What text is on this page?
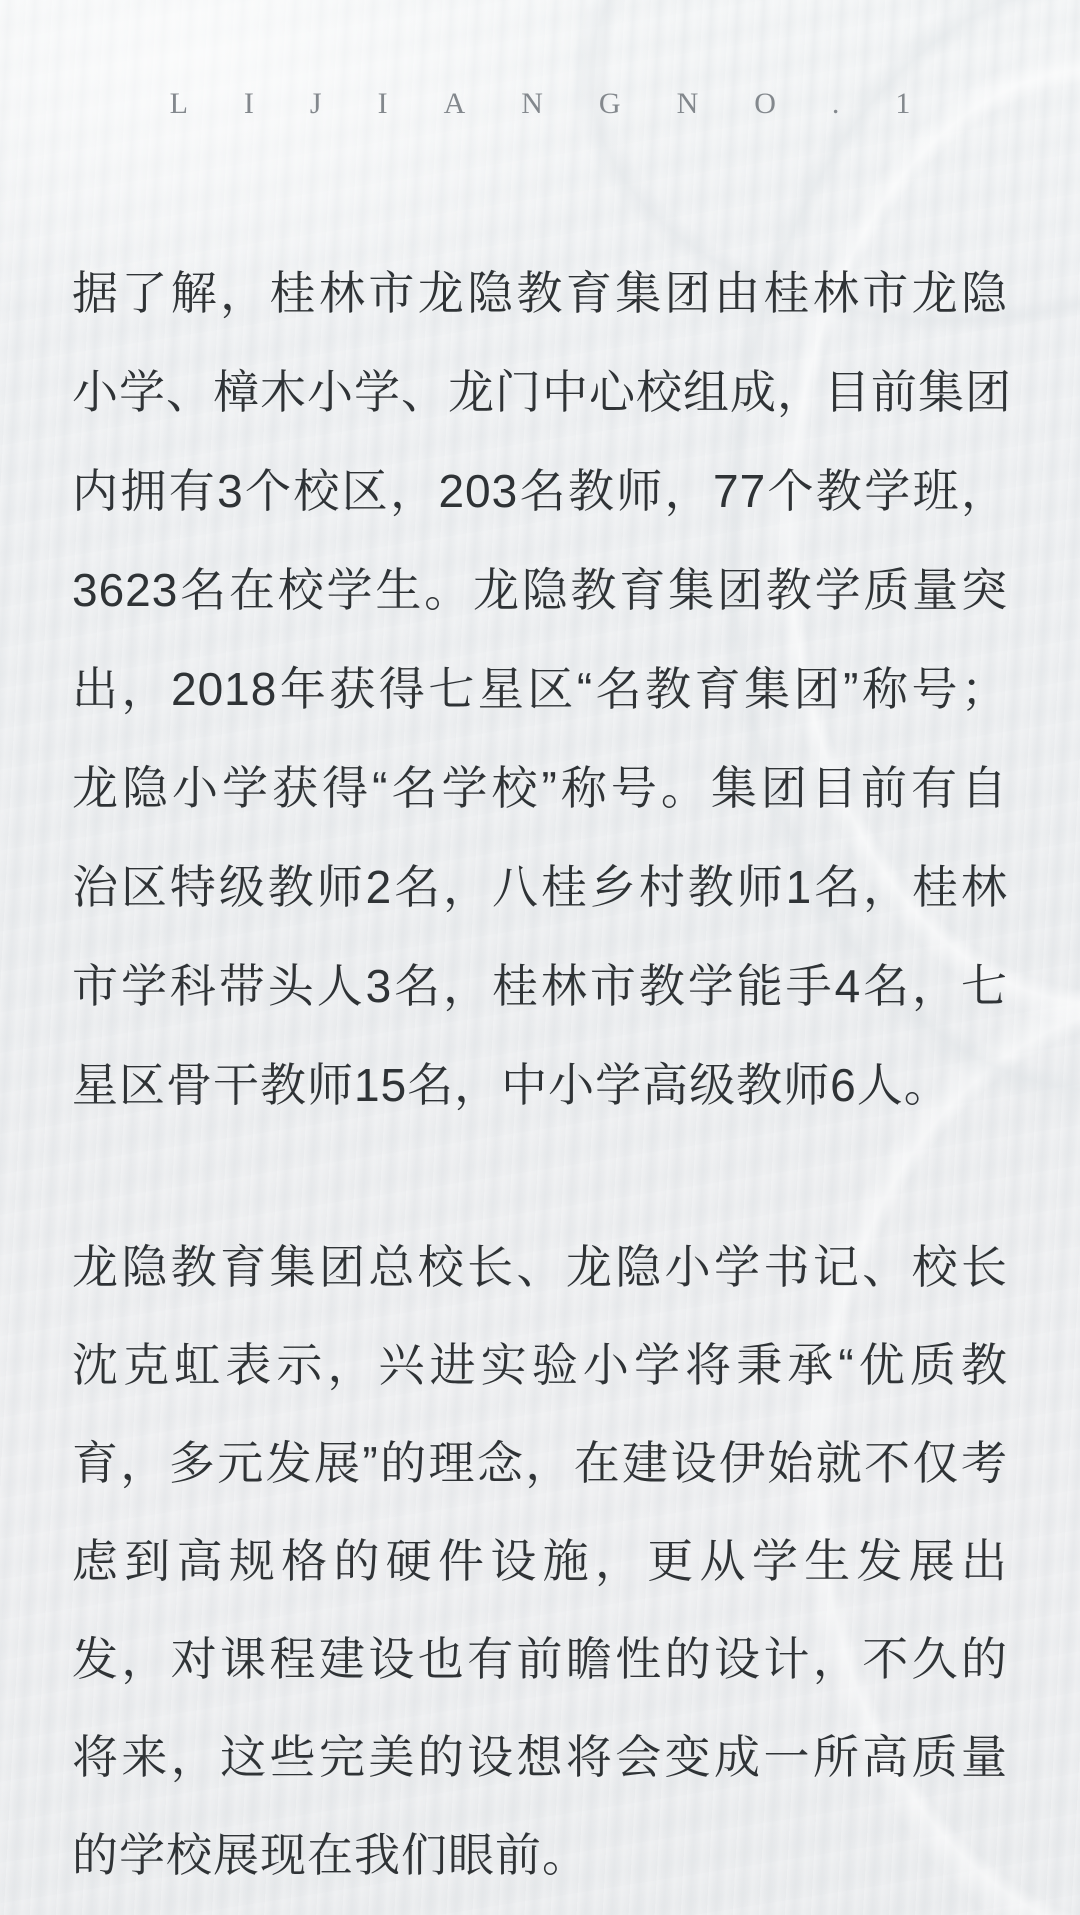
LIJIANGNO.1
据了解，桂林市龙隐教育集团由桂林市龙隐
小学、樟木小学、龙门中心校组成，目前集团
内拥有3个校区，203名教师，77个教学班，
3623名在校学生。龙隐教育集团教学质量突
出，2018年获得七星区“名教育集团”称号；
龙隐小学获得“名学校”称号。集团目前有自
治区特级教师2名，八桂乡村教师1名，桂林
市学科带头人3名，桂林市教学能手4名，七
星区骨干教师15名，中小学高级教师6人。
龙隐教育集团总校长、龙隐小学书记、校长
沈克虹表示，兴进实验小学将秉承“优质教
育，多元发展”的理念，在建设伊始就不仅考
虑到高规格的硬件设施，更从学生发展出
发，对课程建设也有前瞻性的设计，不久的
将来，这些完美的设想将会变成一所高质量
的学校展现在我们眼前。
